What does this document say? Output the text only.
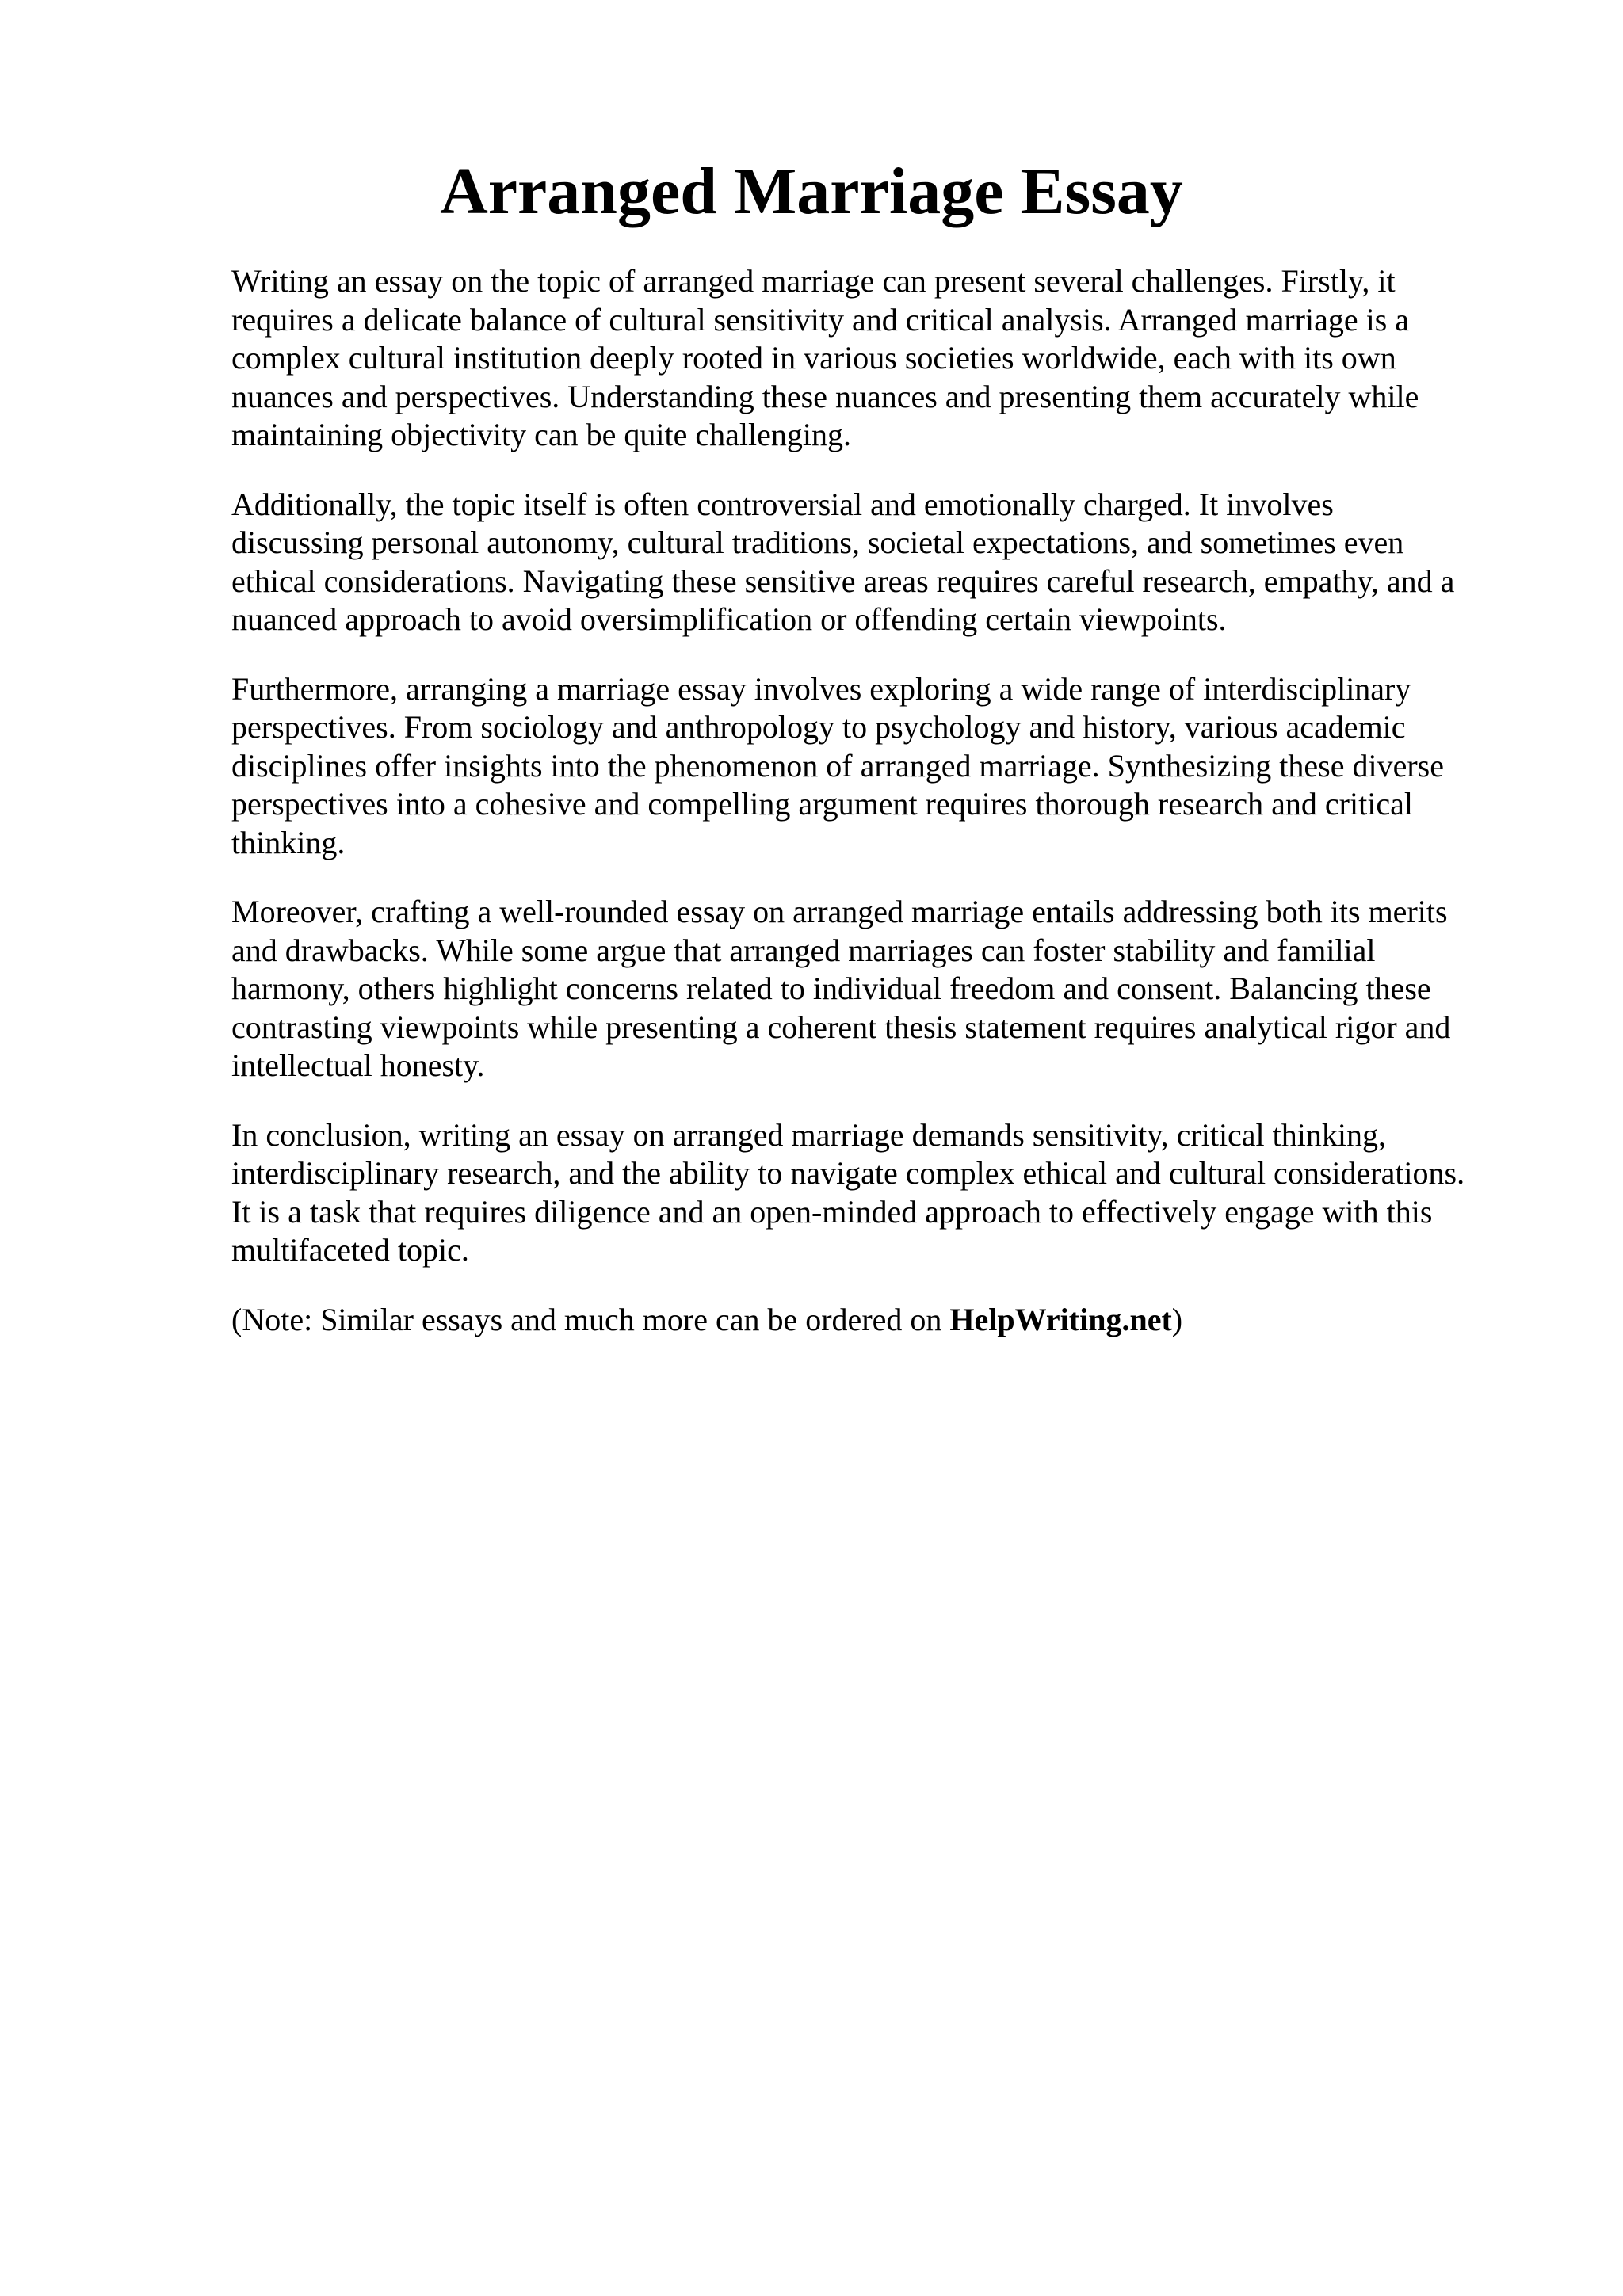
Arranged Marriage Essay

Writing an essay on the topic of arranged marriage can present several challenges. Firstly, it
requires a delicate balance of cultural sensitivity and critical analysis. Arranged marriage is a
complex cultural institution deeply rooted in various societies worldwide, each with its own
nuances and perspectives. Understanding these nuances and presenting them accurately while
maintaining objectivity can be quite challenging.

Additionally, the topic itself is often controversial and emotionally charged. It involves
discussing personal autonomy, cultural traditions, societal expectations, and sometimes even
ethical considerations. Navigating these sensitive areas requires careful research, empathy, and a
nuanced approach to avoid oversimplification or offending certain viewpoints.

Furthermore, arranging a marriage essay involves exploring a wide range of interdisciplinary
perspectives. From sociology and anthropology to psychology and history, various academic
disciplines offer insights into the phenomenon of arranged marriage. Synthesizing these diverse
perspectives into a cohesive and compelling argument requires thorough research and critical
thinking.

Moreover, crafting a well-rounded essay on arranged marriage entails addressing both its merits
and drawbacks. While some argue that arranged marriages can foster stability and familial
harmony, others highlight concerns related to individual freedom and consent. Balancing these
contrasting viewpoints while presenting a coherent thesis statement requires analytical rigor and
intellectual honesty.

In conclusion, writing an essay on arranged marriage demands sensitivity, critical thinking,
interdisciplinary research, and the ability to navigate complex ethical and cultural considerations.
It is a task that requires diligence and an open-minded approach to effectively engage with this
multifaceted topic.

(Note: Similar essays and much more can be ordered on HelpWriting.net)
